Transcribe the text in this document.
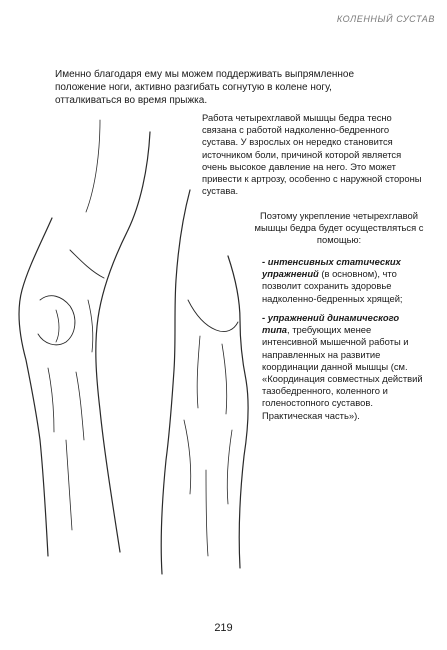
КОЛЕННЫЙ СУСТАВ
Именно благодаря ему мы можем поддерживать выпрямленное положение ноги, активно разгибать согнутую в колене ногу, отталкиваться во время прыжка.
Работа четырехглавой мышцы бедра тесно связана с работой надколенно-бедренного сустава. У взрослых он нередко становится источником боли, причиной которой является очень высокое давление на него. Это может привести к артрозу, особенно с наружной стороны сустава.
Поэтому укрепление четырехглавой мышцы бедра будет осуществляться с помощью:
- интенсивных статических упражнений (в основном), что позволит сохранить здоровье надколенно-бедренных хрящей;
- упражнений динамического типа, требующих менее интенсивной мышечной работы и направленных на развитие координации данной мышцы (см. «Координация совместных действий тазобедренного, коленного и голеностопного суставов. Практическая часть»).
219
